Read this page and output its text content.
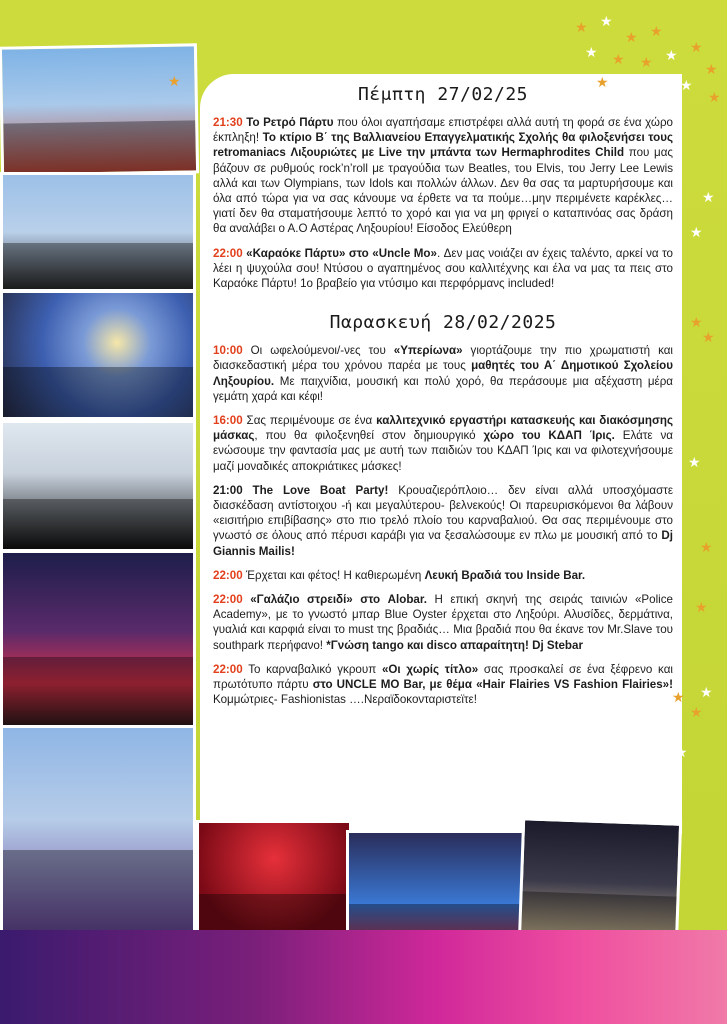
Πέμπτη 27/02/25

21:30 Το Ρετρό Πάρτυ που όλοι αγαπήσαμε επιστρέφει αλλά αυτή τη φορά σε ένα χώρο έκπληξη! Το κτίριο Β΄ της Βαλλιανείου Επαγγελματικής Σχολής θα φιλοξενήσει τους retromaniacs Λιξουριώτες με Live την μπάντα των Hermaphrodites Child που μας βάζουν σε ρυθμούς rock’n’roll με τραγούδια των Beatles, του Elvis, του Jerry Lee Lewis αλλά και των Olympians, των Idols και πολλών άλλων. Δεν θα σας τα μαρτυρήσουμε και όλα από τώρα για να σας κάνουμε να έρθετε να τα πούμε…μην περιμένετε καρέκλες… γιατί δεν θα σταματήσουμε λεπτό το χορό και για να μη φριγεί ο καταπινόας σας δράση θα αναλάβει ο Α.Ο Αστέρας Ληξουρίου! Είσοδος Ελεύθερη

22:00 «Καραόκε Πάρτυ» στο «Uncle Mo». Δεν μας νοιάζει αν έχεις ταλέντο, αρκεί να το λέει η ψυχούλα σου! Ντύσου ο αγαπημένος σου καλλιτέχνης και έλα να μας τα πεις στο Καραόκε Πάρτυ! 1ο βραβείο για ντύσιμο και περφόρμανς included!

Παρασκευή 28/02/2025

10:00 Οι ωφελούμενοι/-νες του «Υπερίωνα» γιορτάζουμε την πιο χρωματιστή και διασκεδαστική μέρα του χρόνου παρέα με τους μαθητές του Α΄ Δημοτικού Σχολείου Ληξουρίου. Με παιχνίδια, μουσική και πολύ χορό, θα περάσουμε μια αξέχαστη μέρα γεμάτη χαρά και κέφι!

16:00 Σας περιμένουμε σε ένα καλλιτεχνικό εργαστήρι κατασκευής και διακόσμησης μάσκας, που θα φιλοξενηθεί στον δημιουργικό χώρο του ΚΔΑΠ Ίρις. Ελάτε να ενώσουμε την φαντασία μας με αυτή των παιδιών του ΚΔΑΠ Ίρις και να φιλοτεχνήσουμε μαζί μοναδικές αποκριάτικες μάσκες!

21:00 The Love Boat Party! Κρουαζιερόπλοιο… δεν είναι αλλά υποσχόμαστε διασκέδαση αντίστοιχου -ή και μεγαλύτερου- βελνεκούς! Οι παρευρισκόμενοι θα λάβουν «εισιτήριο επιβίβασης» στο πιο τρελό πλοίο του καρναβαλιού. Θα σας περιμένουμε στο γνωστό σε όλους από πέρυσι καράβι για να ξεσαλώσουμε εν πλω με μουσική από το Dj Giannis Mailis!

22:00 Έρχεται και φέτος! Η καθιερωμένη Λευκή Βραδιά του Inside Bar.

22:00 «Γαλάζιο στρειδί» στο Alobar. Η επική σκηνή της σειράς ταινιών «Police Academy», με το γνωστό μπαρ Blue Oyster έρχεται στο Ληξούρι. Αλυσίδες, δερμάτινα, γυαλιά και καρφιά είναι το must της βραδιάς… Μια βραδιά που θα έκανε τον Mr.Slave του southpark περήφανο! *Γνώση tango και disco απαραίτητη! Dj Stebar

22:00 Το καρναβαλικό γκρουπ «Οι χωρίς τίτλο» σας προσκαλεί σε ένα ξέφρενο και πρωτότυπο πάρτυ στο UNCLE MO Bar, με θέμα «Hair Flairies VS Fashion Flairies»! Κομμώτριες- Fashionistas ….Νεραϊδοκονταριστεϊτε!

★ ★
★ ★
★ ★ ★ ★ ★
★
★	★
★
★
★
★
★
★
★
★
★ ★
★
★
★
